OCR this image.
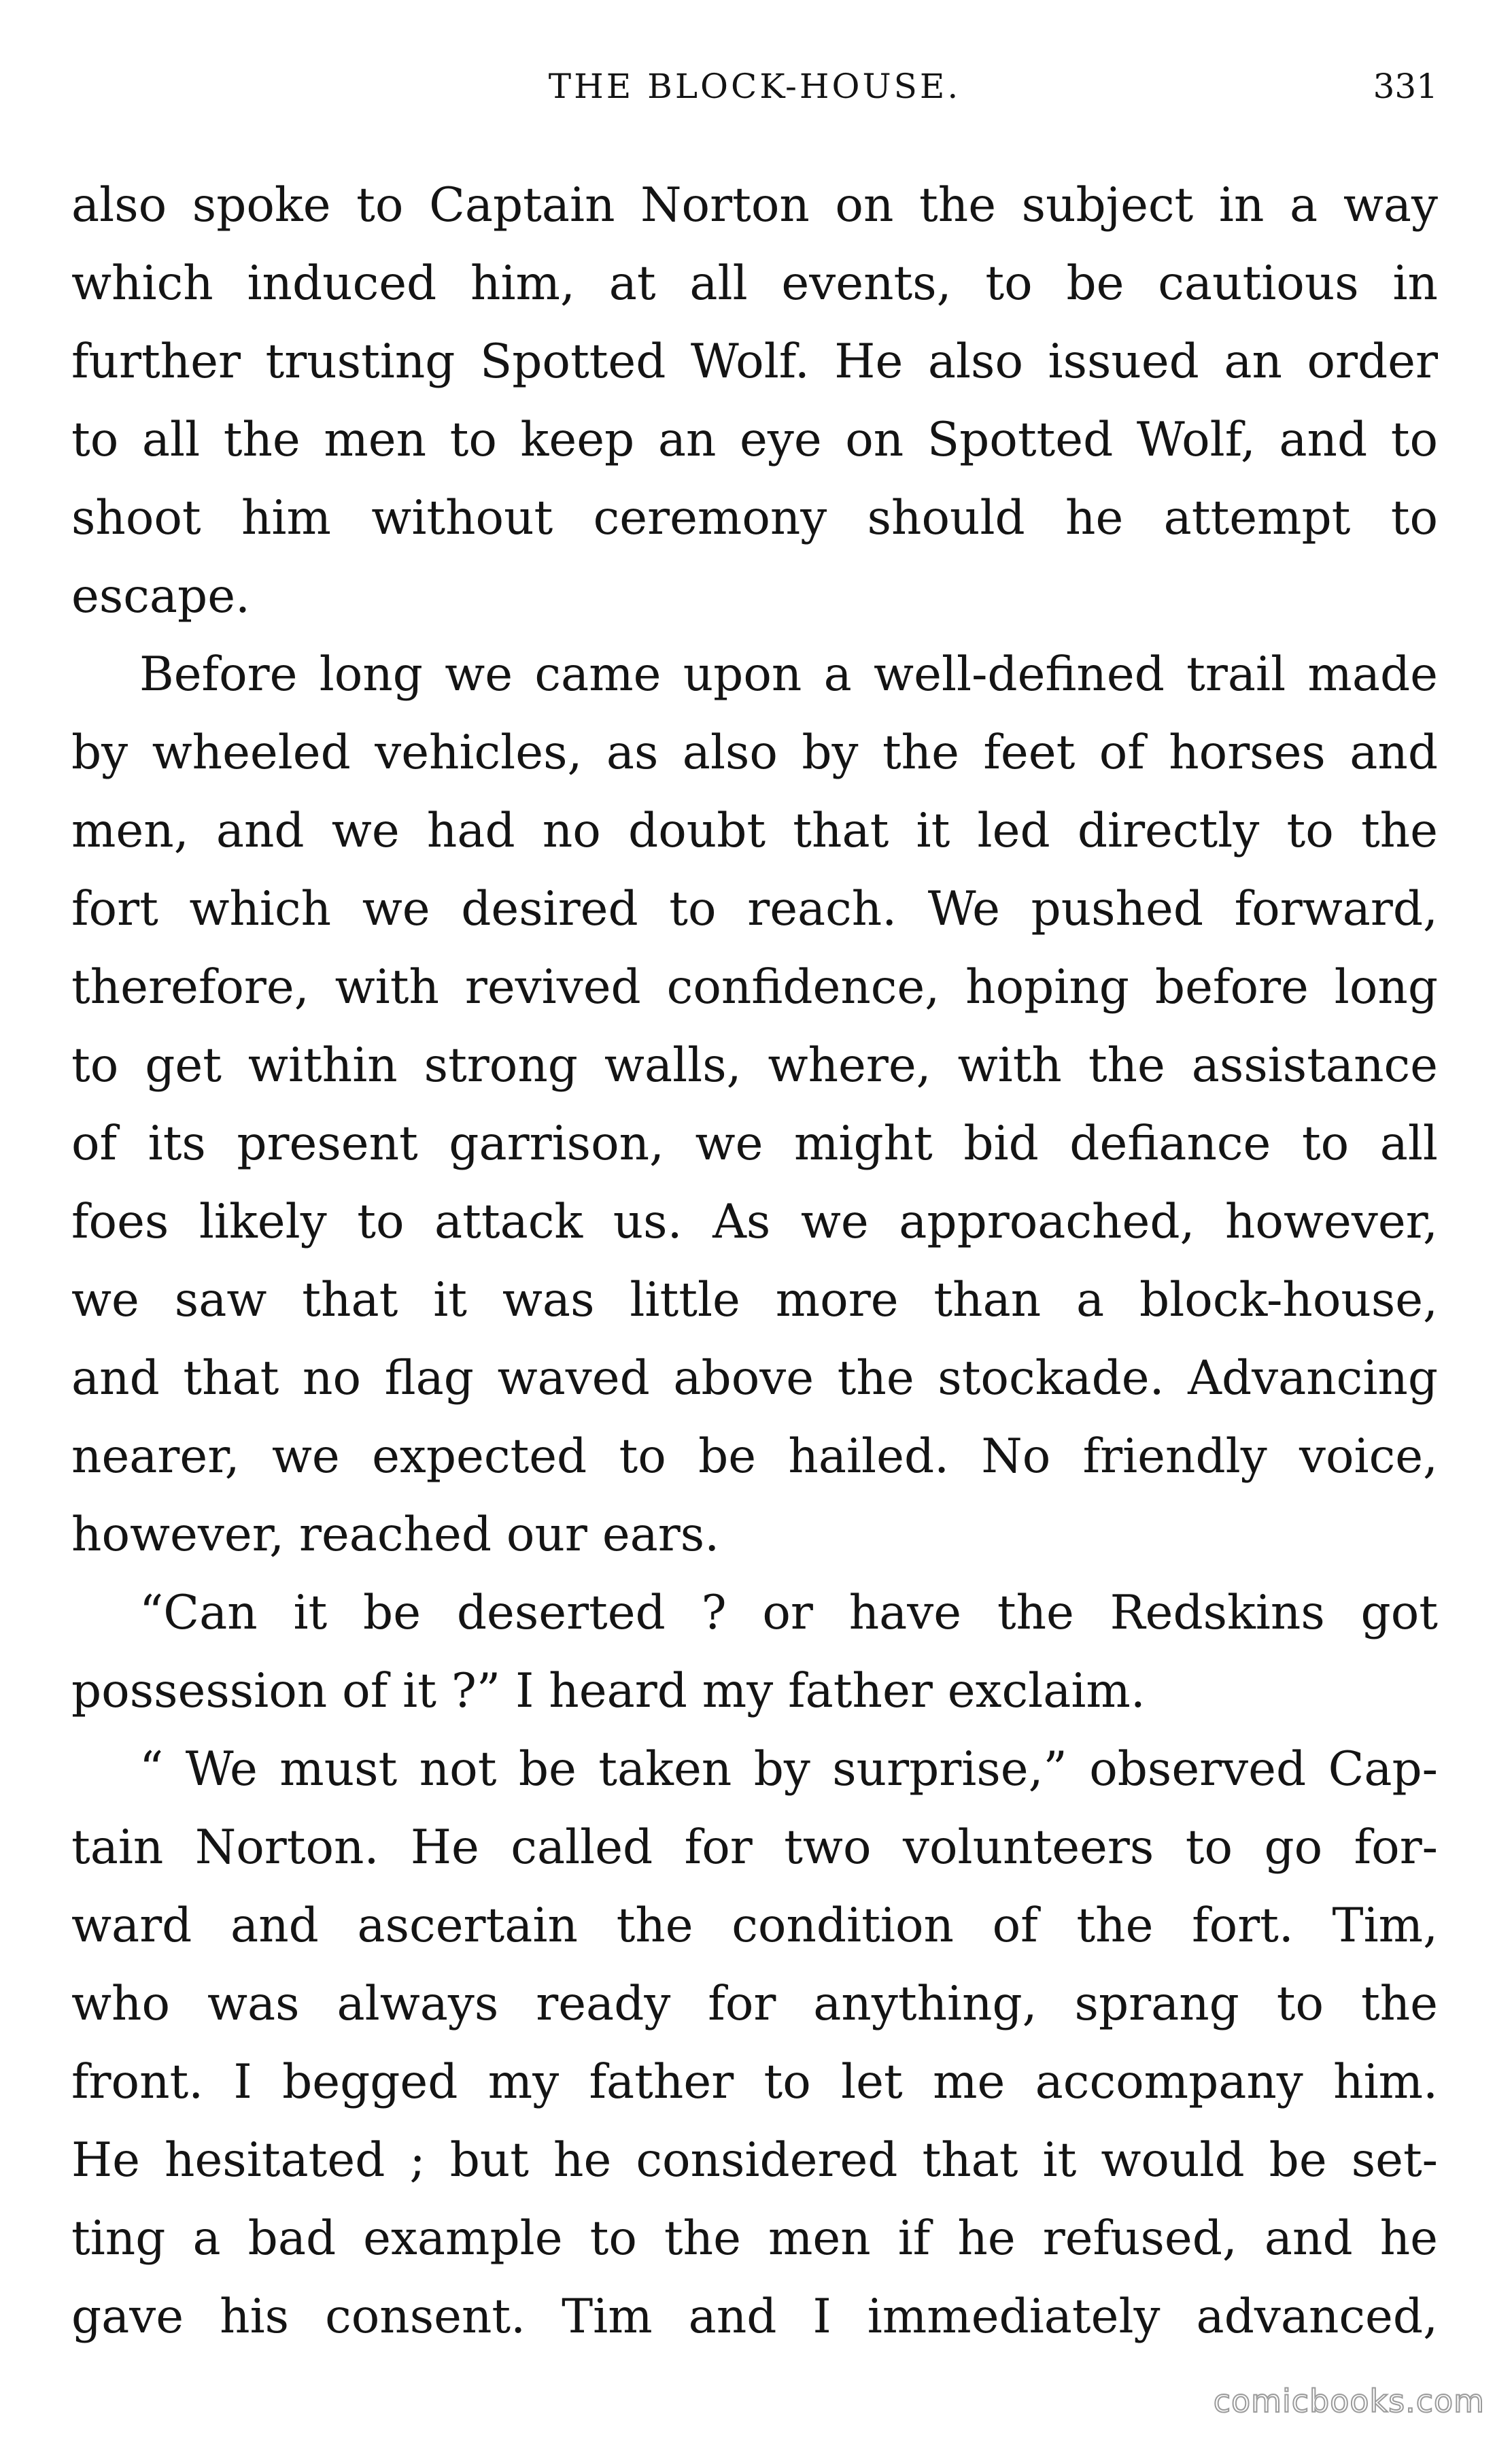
THE BLOCK-HOUSE.	331
also spoke to Captain Norton on the subject in a way
which induced him, at all events, to be cautious in
further trusting Spotted Wolf. He also issued an order
to all the men to keep an eye on Spotted Wolf, and to
shoot him without ceremony should he attempt to
escape.
Before long we came upon a well-defined trail made
by wheeled vehicles, as also by the feet of horses and
men, and we had no doubt that it led directly to the
fort which we desired to reach. We pushed forward,
therefore, with revived confidence, hoping before long
to get within strong walls, where, with the assistance
of its present garrison, we might bid defiance to all
foes likely to attack us. As we approached, however,
we saw that it was little more than a block-house,
and that no flag waved above the stockade. Advancing
nearer, we expected to be hailed. No friendly voice,
however, reached our ears.
“Can it be deserted ? or have the Redskins got
possession of it ?” I heard my father exclaim.
“ We must not be taken by surprise,” observed Cap-
tain Norton. He called for two volunteers to go for-
ward and ascertain the condition of the fort. Tim,
who was always ready for anything, sprang to the
front. I begged my father to let me accompany him.
He hesitated ; but he considered that it would be set-
ting a bad example to the men if he refused, and he
gave his consent. Tim and I immediately advanced,
comicbooks.com
